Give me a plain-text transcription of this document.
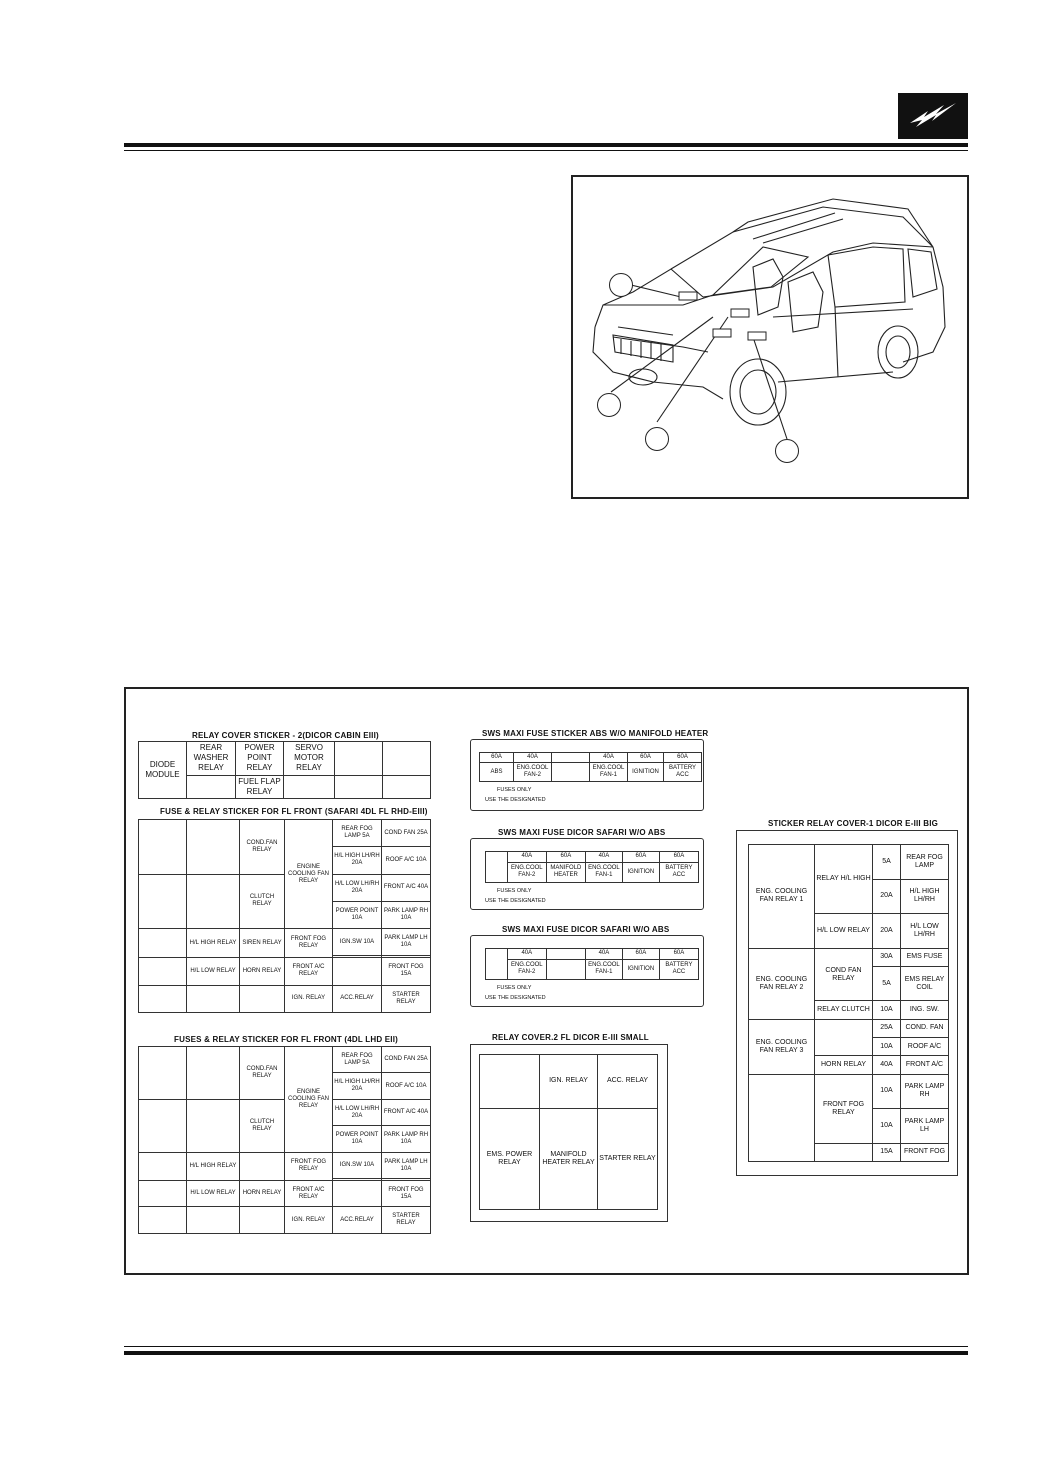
RELAY COVER STICKER - 2(DICOR CABIN EIII)
DIODE MODULE	REAR WASHER RELAY	POWER POINT RELAY	SERVO MOTOR RELAY		
		FUEL FLAP RELAY			
FUSE & RELAY STICKER FOR FL FRONT (SAFARI 4DL FL RHD-EIII)
		COND.FAN RELAY	ENGINE COOLING FAN RELAY	REAR FOG LAMP 5A	COND FAN 25A
				H/L HIGH LH/RH 20A	ROOF A/C 10A
		CLUTCH RELAY		H/L LOW LH/RH 20A	FRONT A/C 40A
				POWER POINT 10A	PARK LAMP RH 10A
	H/L HIGH RELAY	SIREN RELAY	FRONT FOG RELAY	IGN.SW 10A	PARK LAMP LH 10A

	H/L LOW RELAY	HORN RELAY	FRONT A/C RELAY		FRONT FOG 15A

			IGN. RELAY	ACC.RELAY	STARTER RELAY
FUSES & RELAY STICKER FOR FL FRONT (4DL LHD EII)
		COND.FAN RELAY	ENGINE COOLING FAN RELAY	REAR FOG LAMP 5A	COND FAN 25A
				H/L HIGH LH/RH 20A	ROOF A/C 10A
		CLUTCH RELAY		H/L LOW LH/RH 20A	FRONT A/C 40A
				POWER POINT 10A	PARK LAMP RH 10A
	H/L HIGH RELAY		FRONT FOG RELAY	IGN.SW 10A	PARK LAMP LH 10A

	H/L LOW RELAY	HORN RELAY	FRONT A/C RELAY		FRONT FOG 15A

			IGN. RELAY	ACC.RELAY	STARTER RELAY
SWS MAXI FUSE STICKER ABS W/O MANIFOLD HEATER
60A	40A		40A	60A	60A
ABS	ENG.COOL FAN-2		ENG.COOL FAN-1	IGNITION	BATTERY ACC
FUSES ONLY
USE THE DESIGNATED
SWS MAXI FUSE DICOR SAFARI W/O ABS
	40A	60A	40A	60A	60A
	ENG.COOL FAN-2	MANIFOLD HEATER	ENG.COOL FAN-1	IGNITION	BATTERY ACC
FUSES ONLY
USE THE DESIGNATED
SWS MAXI FUSE DICOR SAFARI W/O ABS
	40A		40A	60A	60A
	ENG.COOL FAN-2		ENG.COOL FAN-1	IGNITION	BATTERY ACC
FUSES ONLY
USE THE DESIGNATED
RELAY COVER.2 FL DICOR E-III SMALL
	IGN. RELAY	ACC. RELAY
EMS. POWER RELAY	MANIFOLD HEATER RELAY	STARTER RELAY
STICKER RELAY COVER-1 DICOR E-III BIG
ENG. COOLING FAN RELAY 1	RELAY H/L HIGH	5A	REAR FOG LAMP
		20A	H/L HIGH LH/RH
	H/L LOW RELAY	20A	H/L LOW LH/RH
ENG. COOLING FAN RELAY 2	COND FAN RELAY	30A	EMS FUSE
		5A	EMS RELAY COIL
	RELAY CLUTCH	10A	ING. SW.
ENG. COOLING FAN RELAY 3		25A	COND. FAN
		10A	ROOF A/C
	HORN RELAY	40A	FRONT A/C
	FRONT FOG RELAY	10A	PARK LAMP RH
		10A	PARK LAMP LH
		15A	FRONT FOG
